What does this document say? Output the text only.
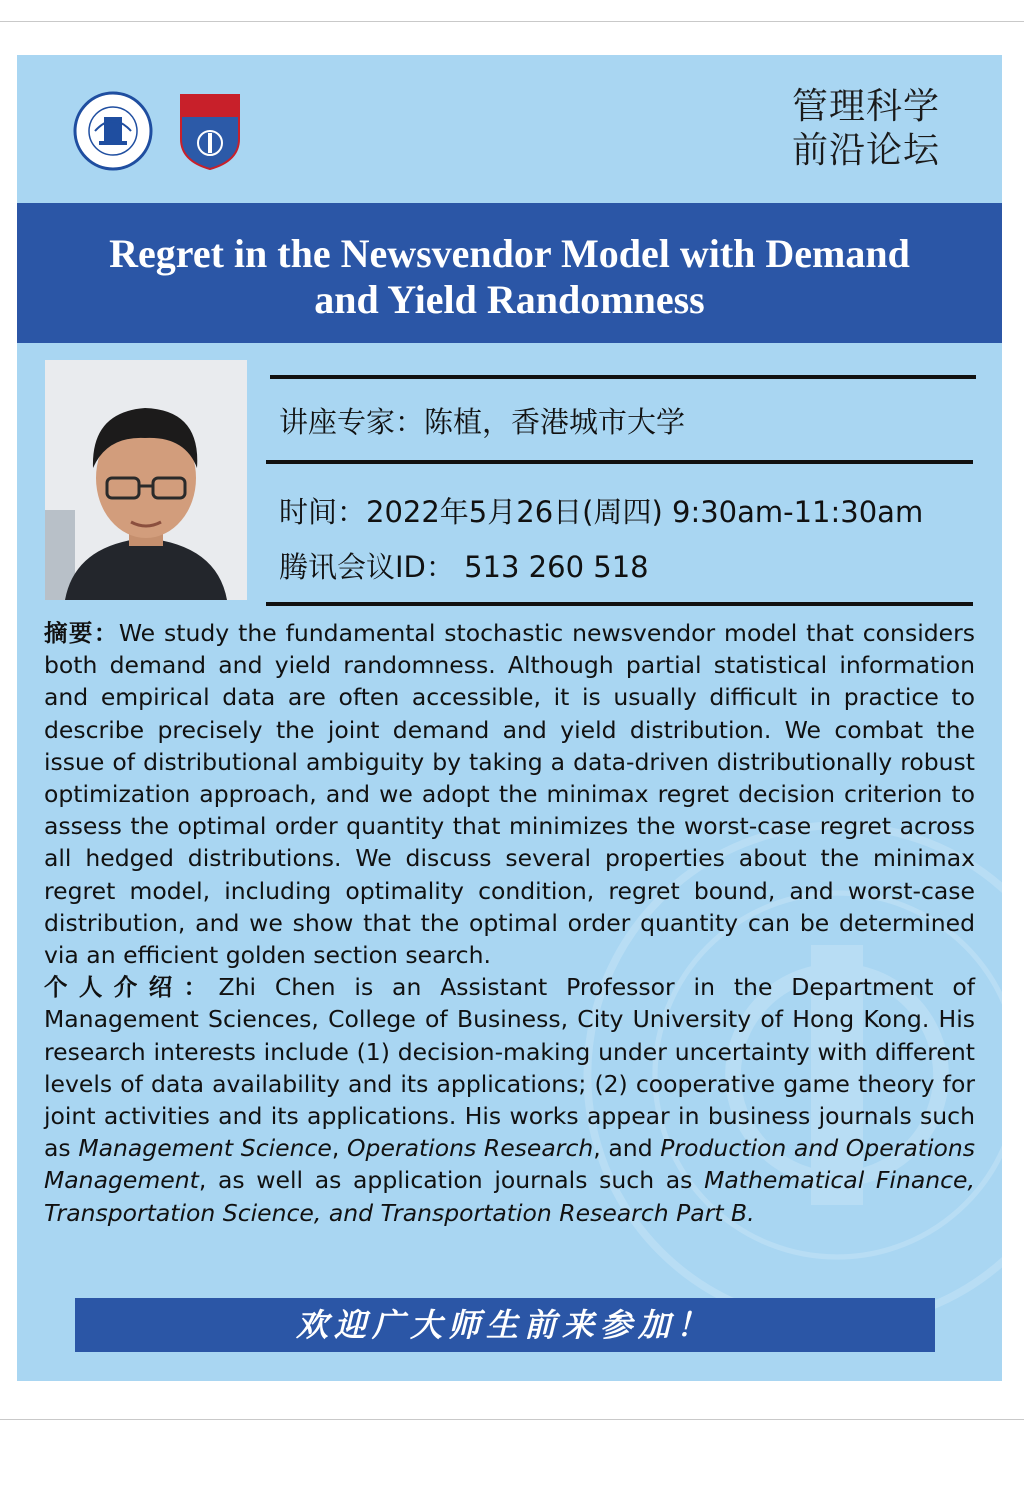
管理科学
前沿论坛
Regret in the Newsvendor Model with Demand
and Yield Randomness
讲座专家：陈植，香港城市大学
时间：2022年5月26日(周四) 9:30am-11:30am
腾讯会议ID： 513 260 518

摘要：We study the fundamental stochastic newsvendor model that considers both demand and yield randomness. Although partial statistical information and empirical data are often accessible, it is usually difficult in practice to describe precisely the joint demand and yield distribution. We combat the issue of distributional ambiguity by taking a data-driven distributionally robust optimization approach, and we adopt the minimax regret decision criterion to assess the optimal order quantity that minimizes the worst-case regret across all hedged distributions. We discuss several properties about the minimax regret model, including optimality condition, regret bound, and worst-case distribution, and we show that the optimal order quantity can be determined via an efficient golden section search.

个人介绍：Zhi Chen is an Assistant Professor in the Department of Management Sciences, College of Business, City University of Hong Kong. His research interests include (1) decision-making under uncertainty with different levels of data availability and its applications; (2) cooperative game theory for joint activities and its applications. His works appear in business journals such as Management Science, Operations Research, and Production and Operations Management, as well as application journals such as Mathematical Finance, Transportation Science, and Transportation Research Part B.

欢迎广大师生前来参加！
